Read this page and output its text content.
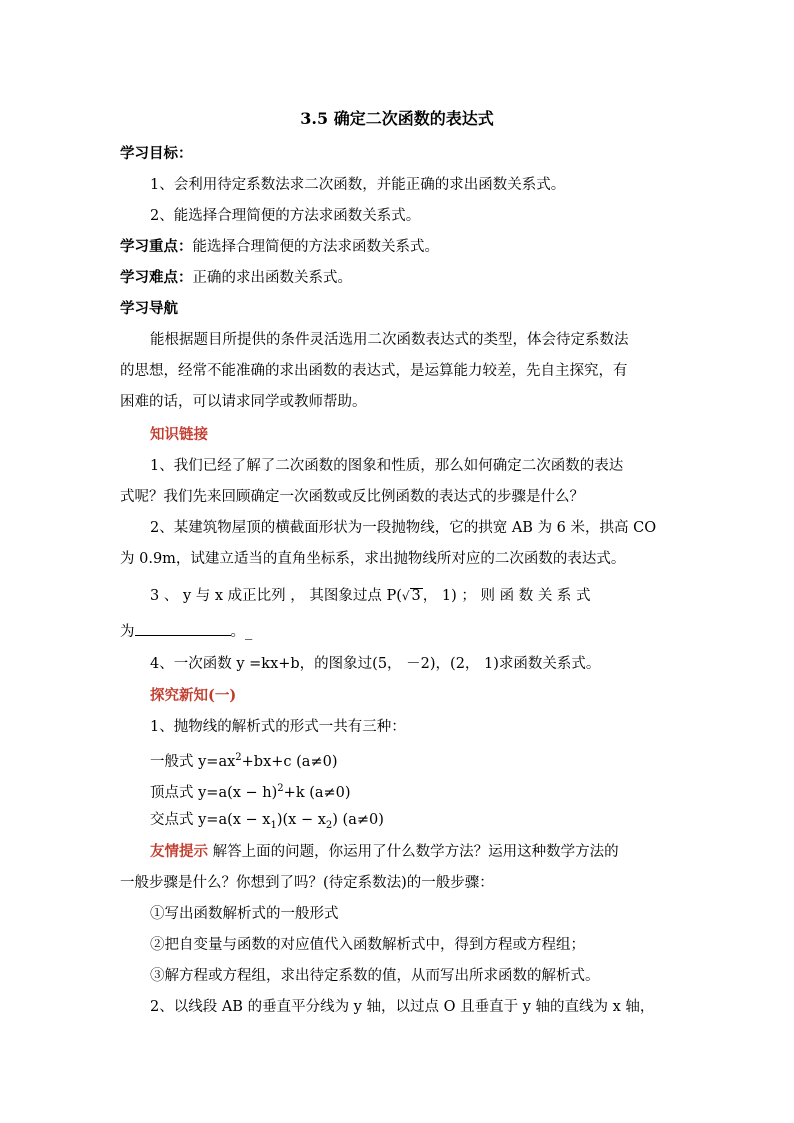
3.5 确定二次函数的表达式
学习目标：
1、会利用待定系数法求二次函数，并能正确的求出函数关系式。
2、能选择合理简便的方法求函数关系式。
学习重点：能选择合理简便的方法求函数关系式。
学习难点：正确的求出函数关系式。
学习导航
能根据题目所提供的条件灵活选用二次函数表达式的类型，体会待定系数法
的思想，经常不能准确的求出函数的表达式，是运算能力较差，先自主探究，有
困难的话，可以请求同学或教师帮助。
知识链接
1、我们已经了解了二次函数的图象和性质，那么如何确定二次函数的表达
式呢？我们先来回顾确定一次函数或反比例函数的表达式的步骤是什么？
2、某建筑物屋顶的横截面形状为一段抛物线，它的拱宽 AB 为 6 米，拱高 CO
为 0.9m，试建立适当的直角坐标系，求出抛物线所对应的二次函数的表达式。
3 、 y 与 x 成正比列 ， 其图象过点 P(√ 3 ， 1) ； 则 函 数 关 系 式
为	。_
4、一次函数 y =kx+b，的图象过(5， －2)，(2， 1)求函数关系式。
探究新知(一)
1、抛物线的解析式的形式一共有三种：
一般式 $y=ax^2+bx+c$ (a≠0)
顶点式 $y=a(x - h)^2+k$ (a≠0)
交点式 $y=a(x - x_1)(x - x_2)$ (a≠0)
友情提示 解答上面的问题，你运用了什么数学方法？运用这种数学方法的
一般步骤是什么？你想到了吗？(待定系数法)的一般步骤：
①写出函数解析式的一般形式
②把自变量与函数的对应值代入函数解析式中，得到方程或方程组；
③解方程或方程组，求出待定系数的值，从而写出所求函数的解析式。
2、以线段 AB 的垂直平分线为 y 轴，以过点 O 且垂直于 y 轴的直线为 x 轴，
